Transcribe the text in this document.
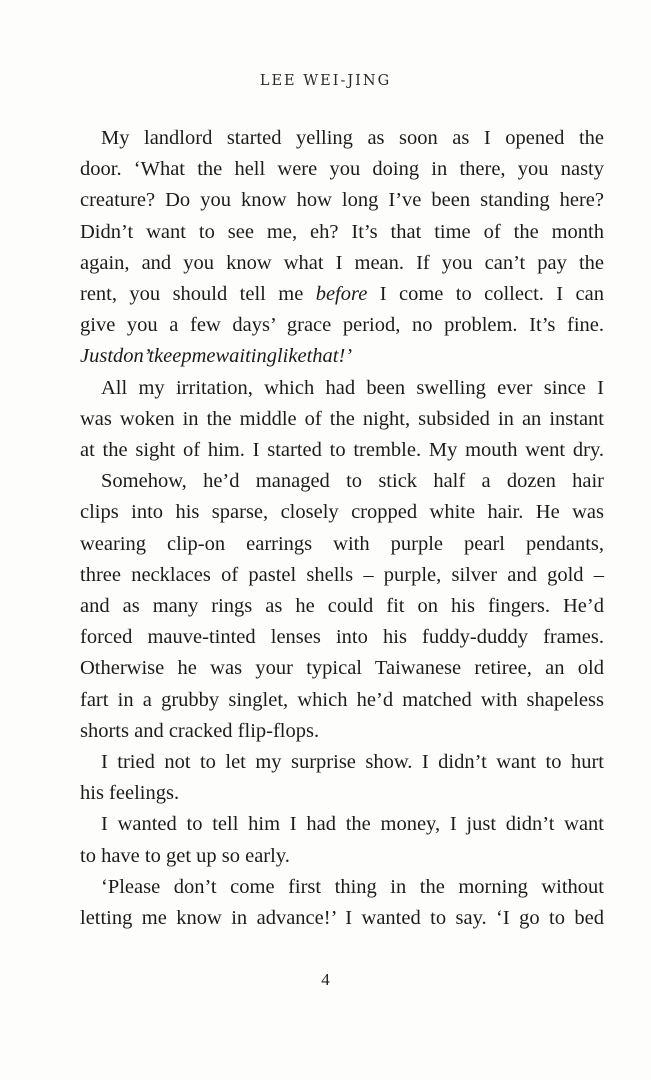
LEE WEI-JING

My landlord started yelling as soon as I opened the
door. ‘What the hell were you doing in there, you nasty
creature? Do you know how long I’ve been standing here?
Didn’t want to see me, eh? It’s that time of the month
again, and you know what I mean. If you can’t pay the
rent, you should tell me before I come to collect. I can
give you a few days’ grace period, no problem. It’s fine.
Justdon’tkeepmewaitinglikethat!’

All my irritation, which had been swelling ever since I
was woken in the middle of the night, subsided in an instant
at the sight of him. I started to tremble. My mouth went dry.

Somehow, he’d managed to stick half a dozen hair
clips into his sparse, closely cropped white hair. He was
wearing clip-on earrings with purple pearl pendants,
three necklaces of pastel shells – purple, silver and gold –
and as many rings as he could fit on his fingers. He’d
forced mauve-tinted lenses into his fuddy-duddy frames.
Otherwise he was your typical Taiwanese retiree, an old
fart in a grubby singlet, which he’d matched with shapeless
shorts and cracked flip-flops.

I tried not to let my surprise show. I didn’t want to hurt
his feelings.

I wanted to tell him I had the money, I just didn’t want
to have to get up so early.

‘Please don’t come first thing in the morning without
letting me know in advance!’ I wanted to say. ‘I go to bed

4
